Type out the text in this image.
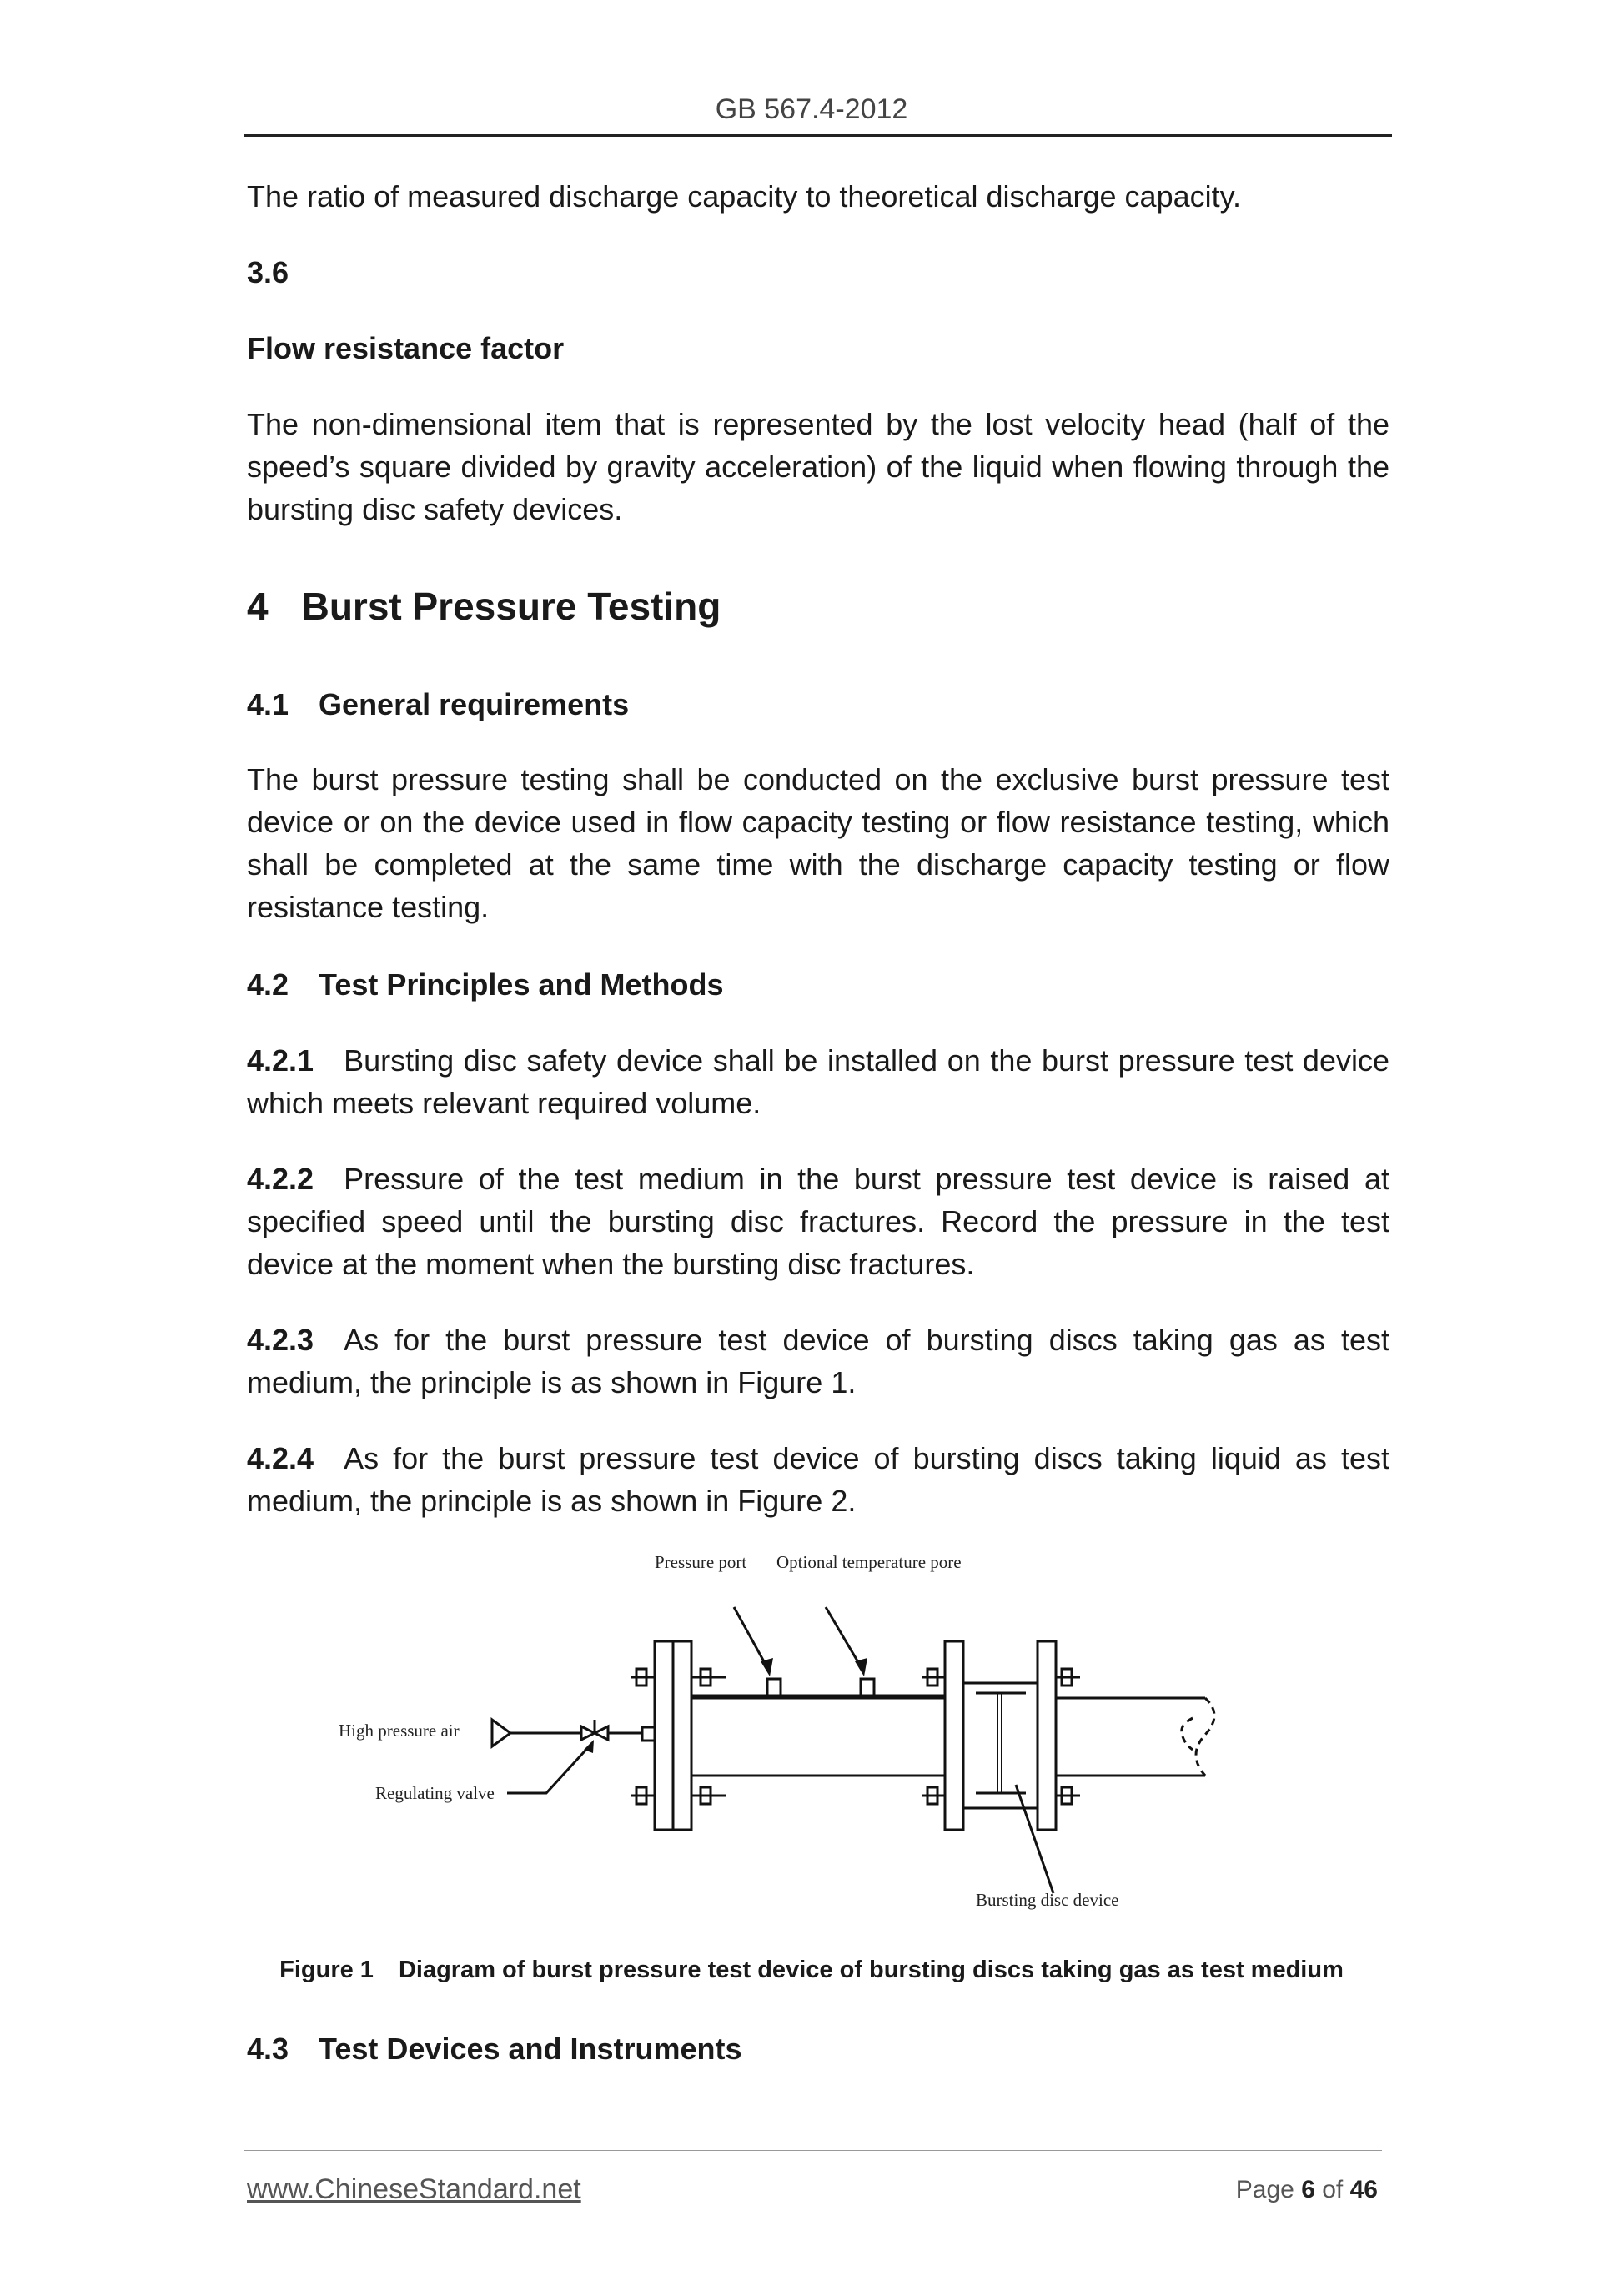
GB 567.4-2012
The ratio of measured discharge capacity to theoretical discharge capacity.
3.6
Flow resistance factor
The non-dimensional item that is represented by the lost velocity head (half of the speed’s square divided by gravity acceleration) of the liquid when flowing through the bursting disc safety devices.
4 Burst Pressure Testing
4.1 General requirements
The burst pressure testing shall be conducted on the exclusive burst pressure test device or on the device used in flow capacity testing or flow resistance testing, which shall be completed at the same time with the discharge capacity testing or flow resistance testing.
4.2 Test Principles and Methods
4.2.1 Bursting disc safety device shall be installed on the burst pressure test device which meets relevant required volume.
4.2.2 Pressure of the test medium in the burst pressure test device is raised at specified speed until the bursting disc fractures. Record the pressure in the test device at the moment when the bursting disc fractures.
4.2.3 As for the burst pressure test device of bursting discs taking gas as test medium, the principle is as shown in Figure 1.
4.2.4 As for the burst pressure test device of bursting discs taking liquid as test medium, the principle is as shown in Figure 2.
Pressure port Optional temperature pore
High pressure air
Regulating valve
Bursting disc device
Figure 1 Diagram of burst pressure test device of bursting discs taking gas as test medium
4.3 Test Devices and Instruments
www.ChineseStandard.net	Page 6 of 46
